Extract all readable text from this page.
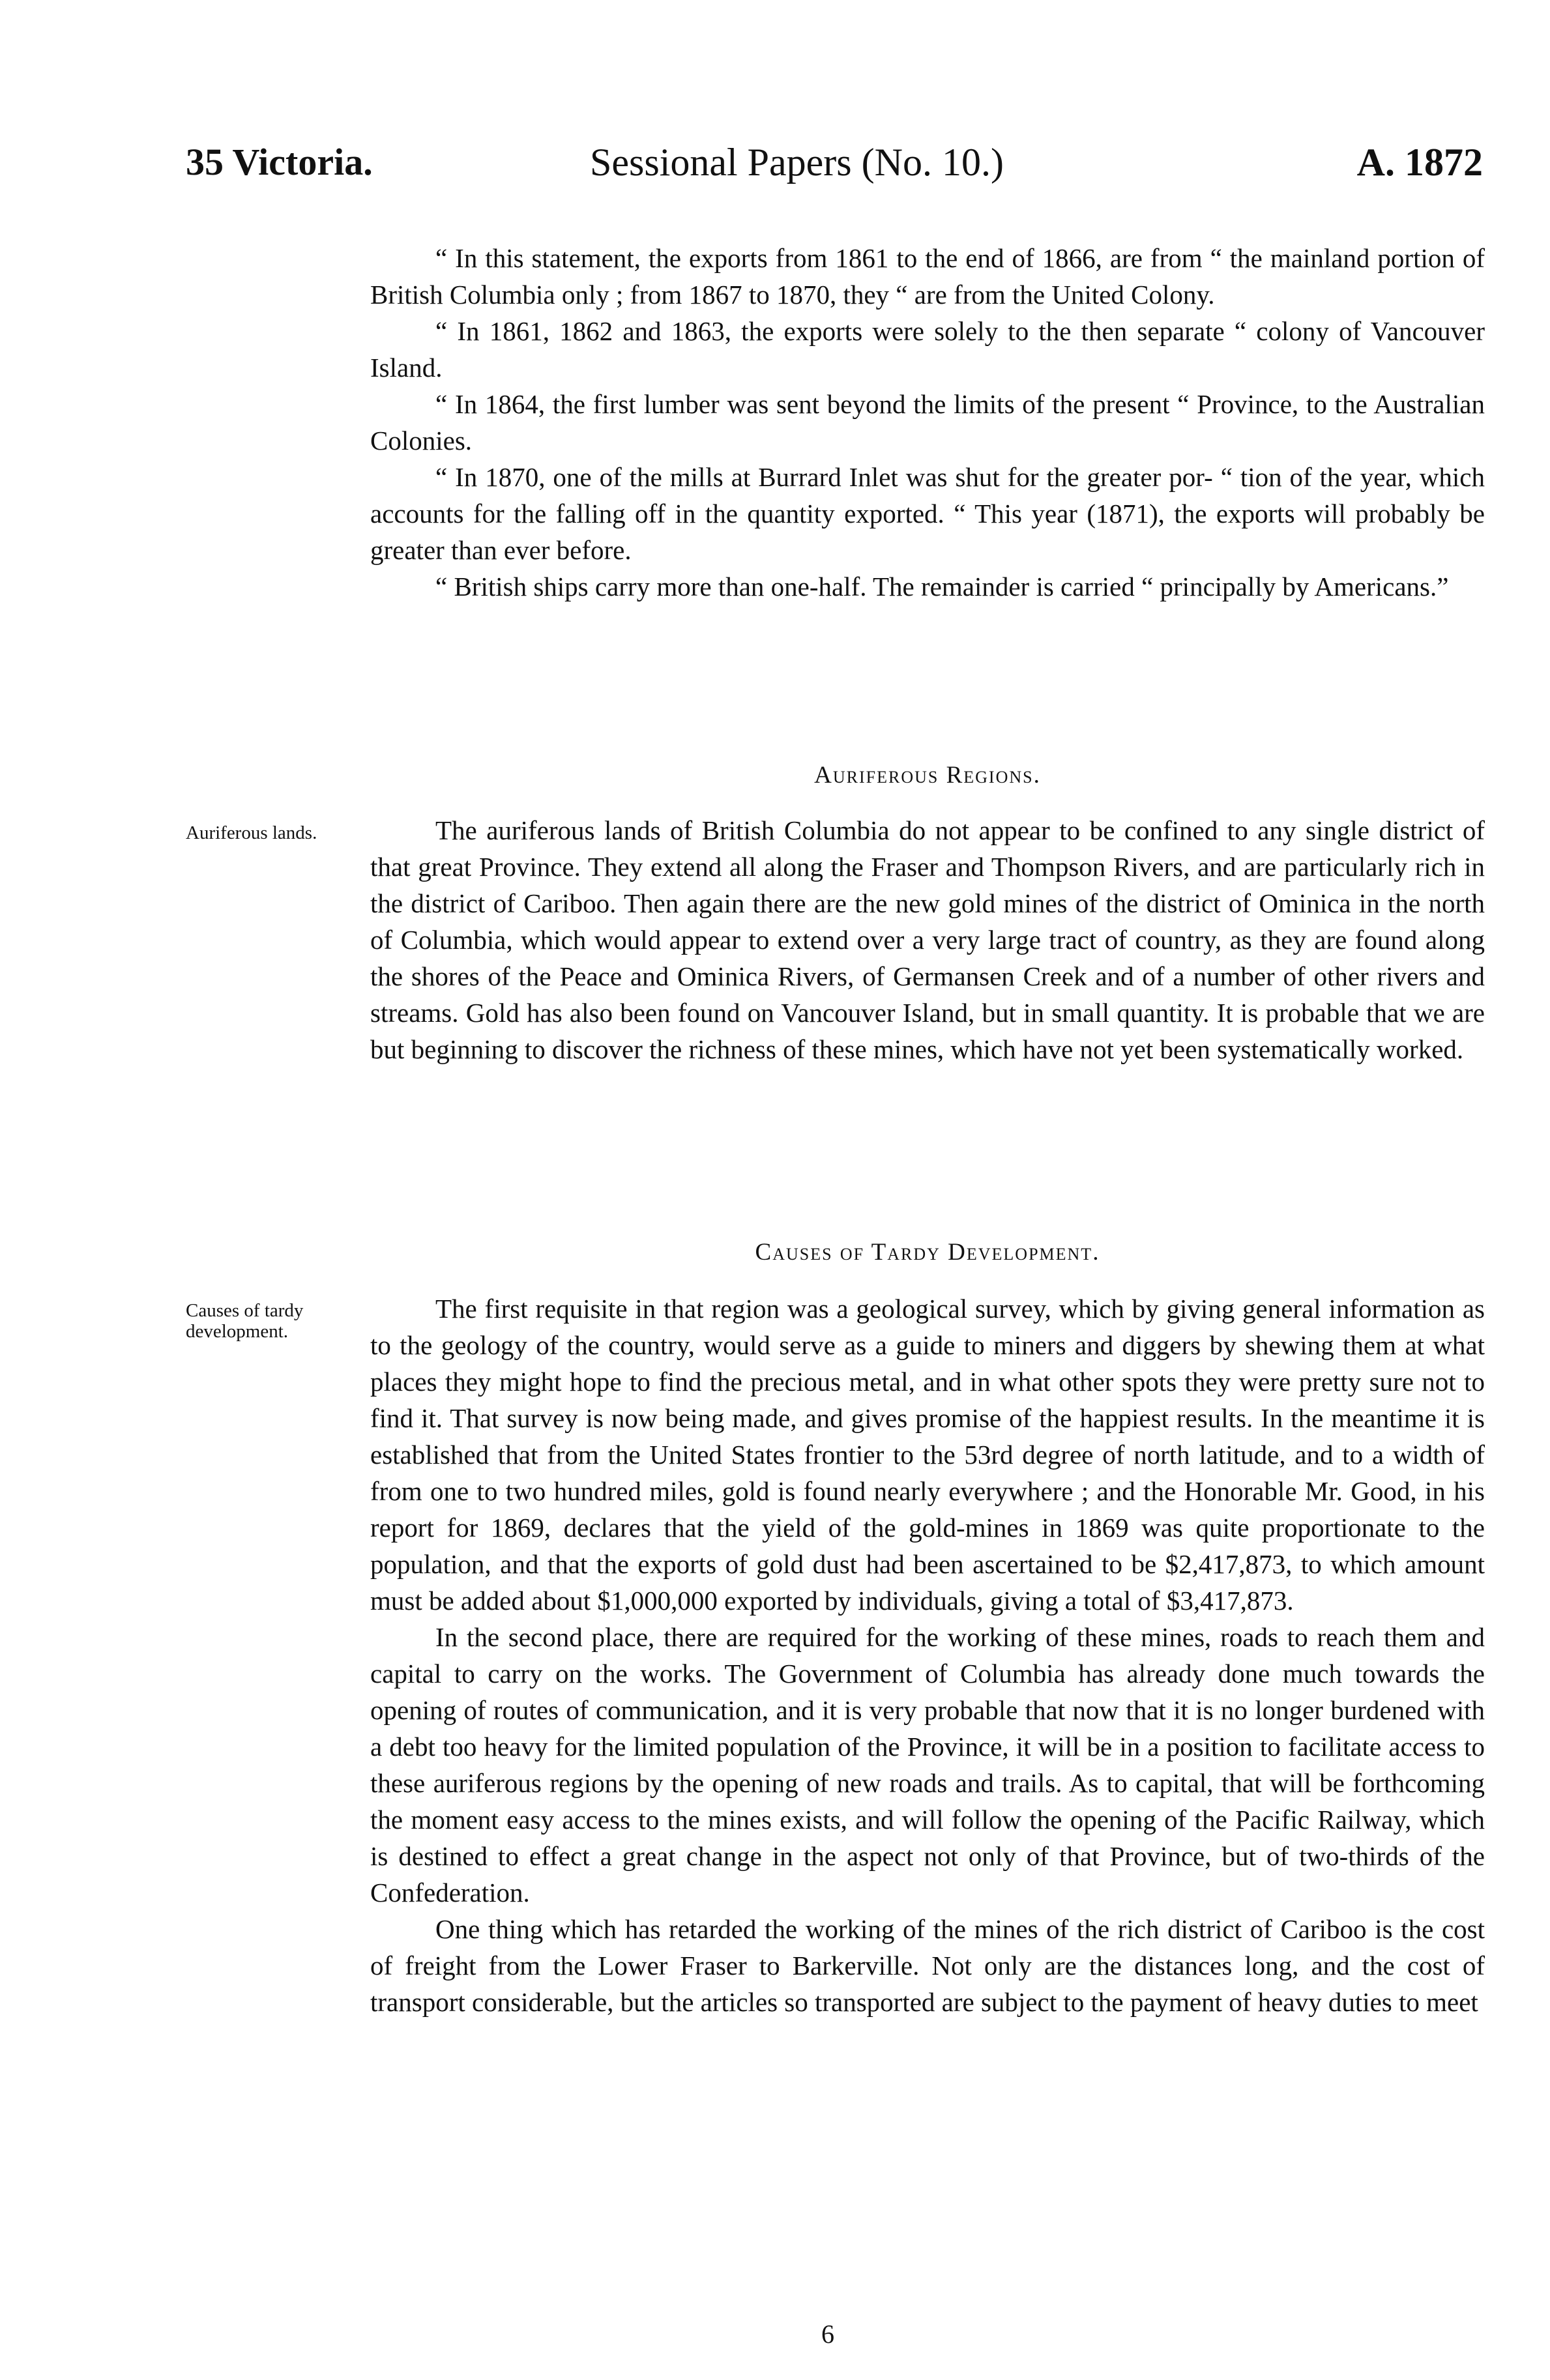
35 Victoria.	Sessional Papers (No. 10.)	A. 1872

“ In this statement, the exports from 1861 to the end of 1866, are from “ the mainland portion of British Columbia only ; from 1867 to 1870, they “ are from the United Colony.

“ In 1861, 1862 and 1863, the exports were solely to the then separate “ colony of Vancouver Island.

“ In 1864, the first lumber was sent beyond the limits of the present “ Province, to the Australian Colonies.

“ In 1870, one of the mills at Burrard Inlet was shut for the greater por- “ tion of the year, which accounts for the falling off in the quantity exported. “ This year (1871), the exports will probably be greater than ever before.

“ British ships carry more than one-half. The remainder is carried “ principally by Americans.”

Auriferous Regions.
Auriferous lands.	The auriferous lands of British Columbia do not appear to be confined to any single district of that great Province. They extend all along the Fraser and Thompson Rivers, and are particularly rich in the district of Cariboo. Then again there are the new gold mines of the district of Ominica in the north of Columbia, which would appear to extend over a very large tract of country, as they are found along the shores of the Peace and Ominica Rivers, of Germansen Creek and of a number of other rivers and streams. Gold has also been found on Vancouver Island, but in small quantity. It is probable that we are but beginning to discover the richness of these mines, which have not yet been systematically worked.

Causes of Tardy Development.
Causes of tardy development.

The first requisite in that region was a geological survey, which by giving general information as to the geology of the country, would serve as a guide to miners and diggers by shewing them at what places they might hope to find the precious metal, and in what other spots they were pretty sure not to find it. That survey is now being made, and gives promise of the happiest results. In the meantime it is established that from the United States frontier to the 53rd degree of north latitude, and to a width of from one to two hundred miles, gold is found nearly everywhere ; and the Honorable Mr. Good, in his report for 1869, declares that the yield of the gold-mines in 1869 was quite proportionate to the population, and that the exports of gold dust had been ascertained to be $2,417,873, to which amount must be added about $1,000,000 exported by individuals, giving a total of $3,417,873.

In the second place, there are required for the working of these mines, roads to reach them and capital to carry on the works. The Government of Columbia has already done much towards the opening of routes of communication, and it is very probable that now that it is no longer burdened with a debt too heavy for the limited population of the Province, it will be in a position to facilitate access to these auriferous regions by the opening of new roads and trails. As to capital, that will be forthcoming the moment easy access to the mines exists, and will follow the opening of the Pacific Railway, which is destined to effect a great change in the aspect not only of that Province, but of two-thirds of the Confederation.

One thing which has retarded the working of the mines of the rich district of Cariboo is the cost of freight from the Lower Fraser to Barkerville. Not only are the distances long, and the cost of transport considerable, but the articles so transported are subject to the payment of heavy duties to meet

6
